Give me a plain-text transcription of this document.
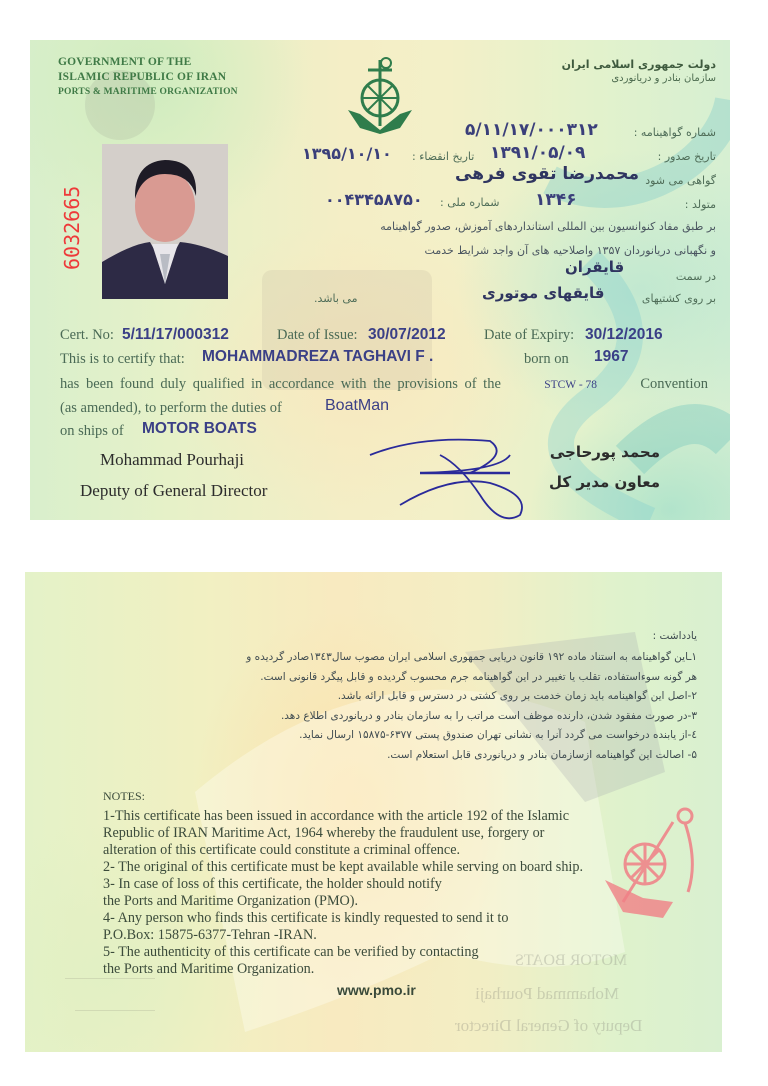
GOVERNMENT OF THE
ISLAMIC REPUBLIC OF IRAN
PORTS & MARITIME ORGANIZATION
دولت جمهوری اسلامی ایران
سازمان بنادر و دریانوردی
6032665
شماره گواهینامه :
۵/۱۱/۱۷/۰۰۰۳۱۲
تاریخ صدور :
۱۳۹۱/۰۵/۰۹
تاریخ انقضاء :
۱۳۹۵/۱۰/۱۰
گواهی می شود
محمدرضا تقوی فرهی
متولد :
۱۳۴۶
شماره ملی :
۰۰۴۳۴۵۸۷۵۰
بر طبق مفاد کنوانسیون بین المللی استانداردهای آموزش، صدور گواهینامه
و نگهبانی دریانوردان ۱۳۵۷ واصلاحیه های آن واجد شرایط خدمت
در سمت
قایقران
بر روی کشتیهای
قایقهای موتوری
می باشد.
Cert. No: 5/11/17/000312	Date of Issue: 30/07/2012	Date of Expiry: 30/12/2016
This is to certify that: MOHAMMADREZA TAGHAVI F .	born on 1967
has been found duly qualified in accordance with the provisions of the	STCW - 78	Convention
(as amended), to perform the duties of	BoatMan
on ships of MOTOR BOATS
Mohammad Pourhaji
Deputy of General Director
محمد پورحاجی
معاون مدیر کل
MOTOR BOATS
Mohammad Pourhaji
Deputy of General Director
یادداشت :
۱ـاین گواهینامه به استناد ماده ۱۹۲ قانون دریایی جمهوری اسلامی ایران مصوب سال۱۳٤۳صادر گردیده و
هر گونه سوءاستفاده، تقلب یا تغییر در این گواهینامه جرم محسوب گردیده و قابل پیگرد قانونی است.
۲-اصل این گواهینامه باید زمان خدمت بر روی کشتی در دسترس و قابل ارائه باشد.
۳-در صورت مفقود شدن، دارنده موظف است مراتب را به سازمان بنادر و دریانوردی اطلاع دهد.
٤-از یابنده درخواست می گردد آنرا به نشانی تهران صندوق پستی ۶۳۷۷-۱۵۸۷۵ ارسال نماید.
۵- اصالت این گواهینامه ازسازمان بنادر و دریانوردی قابل استعلام است.
NOTES:
1-This certificate has been issued in accordance with the article 192 of the Islamic
Republic of IRAN Maritime Act, 1964 whereby the fraudulent use, forgery or
alteration of this certificate could constitute a criminal offence.
2- The original of this certificate must be kept available while serving on board ship.
3- In case of loss of this certificate, the holder should notify
the Ports and Maritime Organization (PMO).
4- Any person who finds this certificate is kindly requested to send it to
P.O.Box: 15875-6377-Tehran -IRAN.
5- The authenticity of this certificate can be verified by contacting
the Ports and Maritime Organization.
www.pmo.ir
